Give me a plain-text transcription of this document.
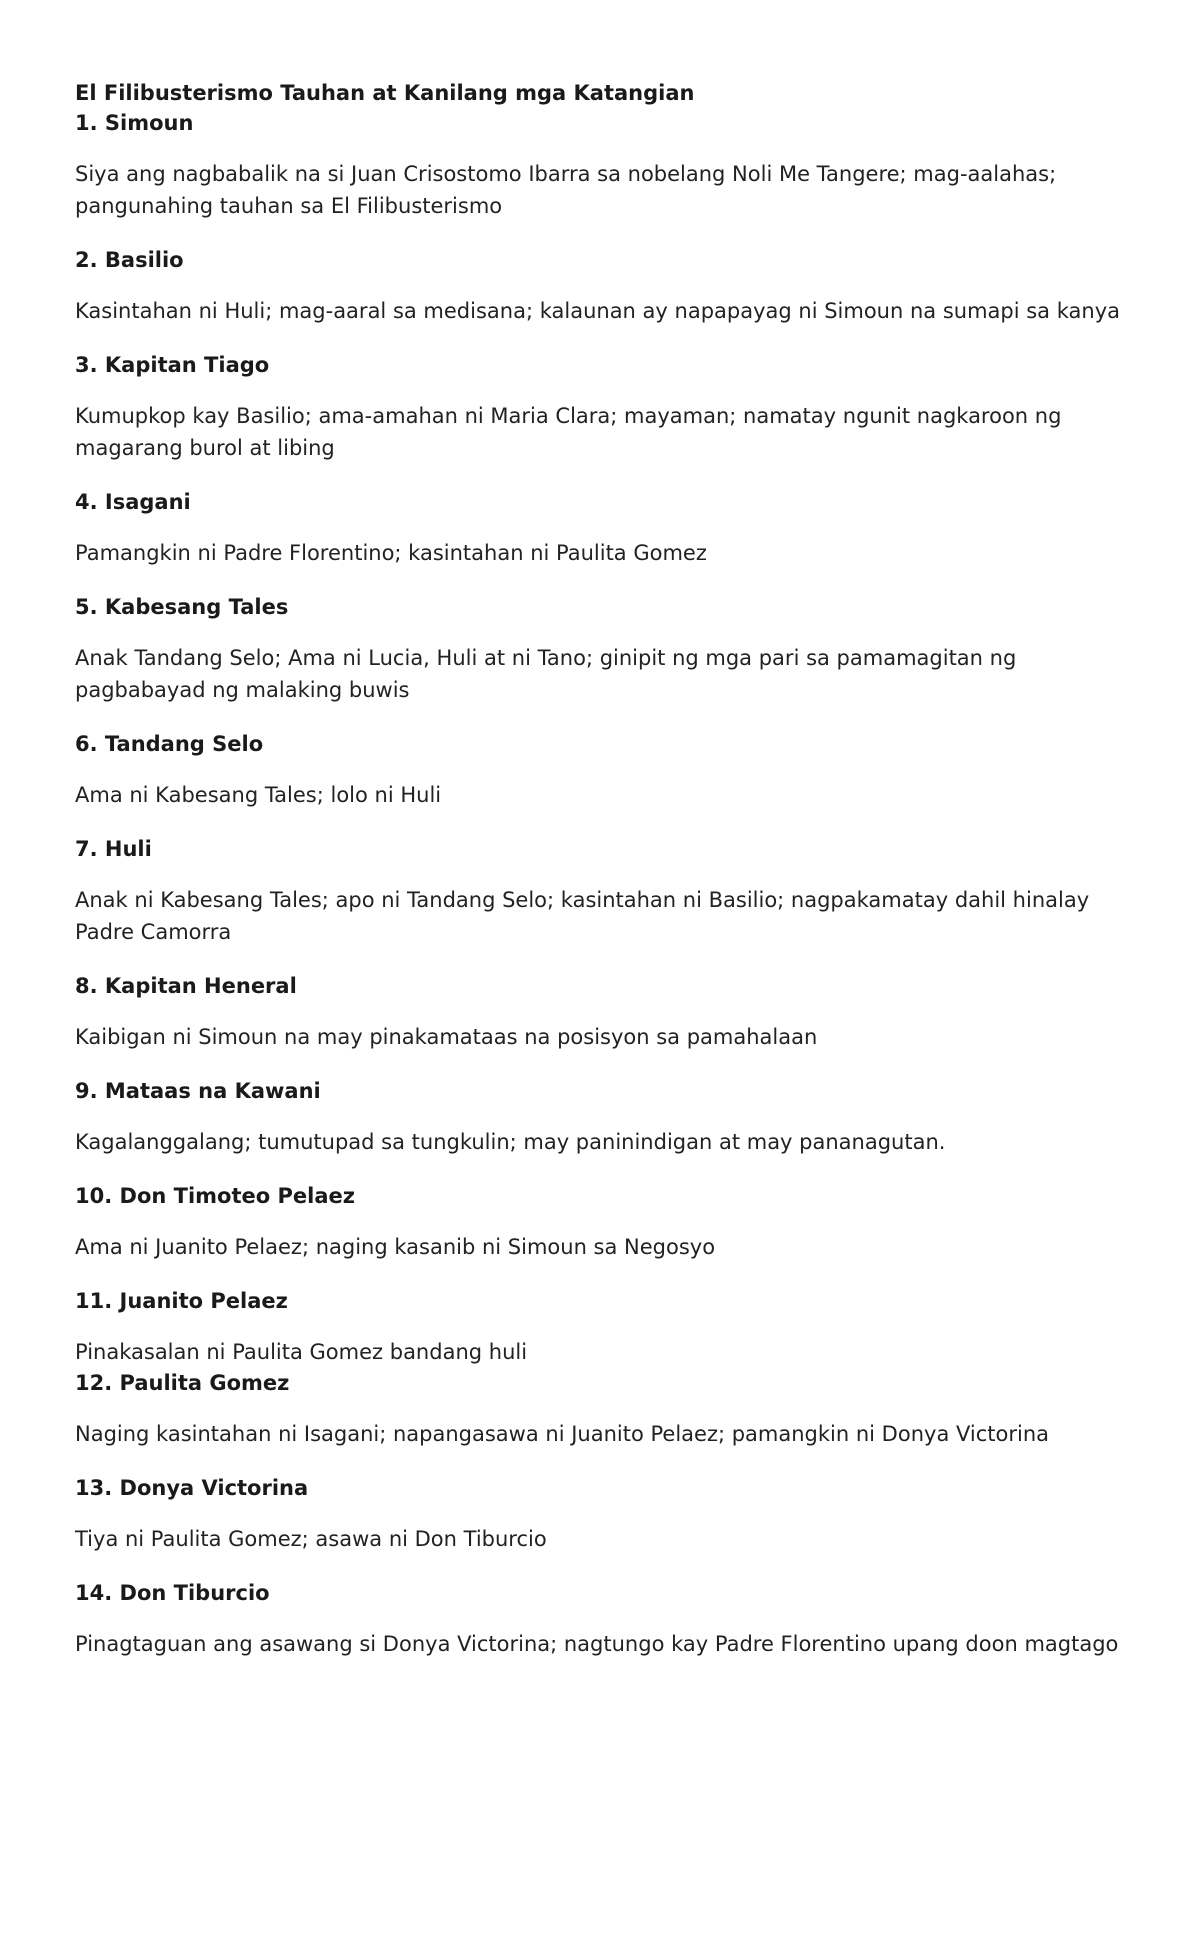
El Filibusterismo Tauhan at Kanilang mga Katangian

1. Simoun

Siya ang nagbabalik na si Juan Crisostomo Ibarra sa nobelang Noli Me Tangere; mag-aalahas; pangunahing tauhan sa El Filibusterismo

2. Basilio

Kasintahan ni Huli; mag-aaral sa medisana; kalaunan ay napapayag ni Simoun na sumapi sa kanya

3. Kapitan Tiago

Kumupkop kay Basilio; ama-amahan ni Maria Clara; mayaman; namatay ngunit nagkaroon ng magarang burol at libing

4. Isagani

Pamangkin ni Padre Florentino; kasintahan ni Paulita Gomez

5. Kabesang Tales

Anak Tandang Selo; Ama ni Lucia, Huli at ni Tano; ginipit ng mga pari sa pamamagitan ng pagbabayad ng malaking buwis

6. Tandang Selo

Ama ni Kabesang Tales; lolo ni Huli

7. Huli

Anak ni Kabesang Tales; apo ni Tandang Selo; kasintahan ni Basilio; nagpakamatay dahil hinalay Padre Camorra

8. Kapitan Heneral

Kaibigan ni Simoun na may pinakamataas na posisyon sa pamahalaan

9. Mataas na Kawani

Kagalanggalang; tumutupad sa tungkulin; may paninindigan at may pananagutan.

10. Don Timoteo Pelaez

Ama ni Juanito Pelaez; naging kasanib ni Simoun sa Negosyo

11. Juanito Pelaez

Pinakasalan ni Paulita Gomez bandang huli

12. Paulita Gomez

Naging kasintahan ni Isagani; napangasawa ni Juanito Pelaez; pamangkin ni Donya Victorina

13. Donya Victorina

Tiya ni Paulita Gomez; asawa ni Don Tiburcio

14. Don Tiburcio

Pinagtaguan ang asawang si Donya Victorina; nagtungo kay Padre Florentino upang doon magtago
